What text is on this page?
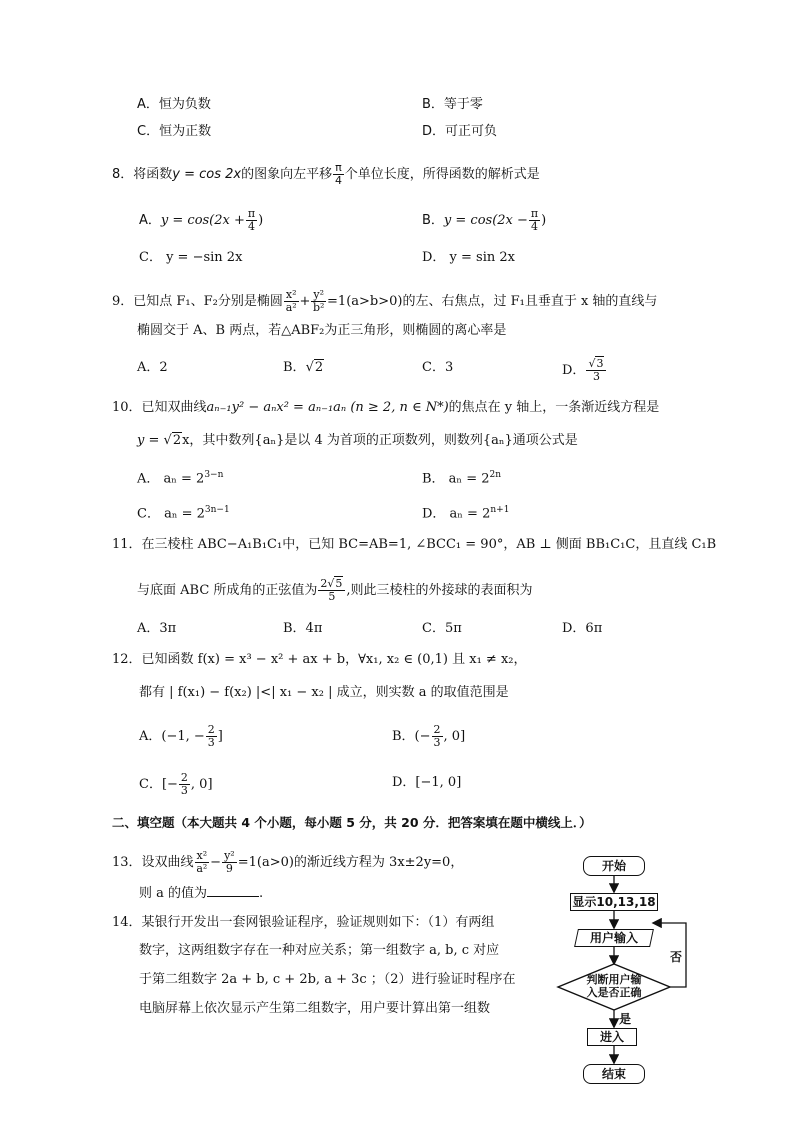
A．恒为负数	B．等于零
C．恒为正数	D．可正可负
8．将函数y = cos 2x的图象向左平移 $\frac{\pi}{4}$ 个单位长度，所得函数的解析式是
A．$y = \cos(2x + \frac{\pi}{4}$ )	B．$y = \cos(2x - \frac{\pi}{4}$ )
C． y = −sin 2x	D． y = sin 2x
9．已知点 F₁、F₂分别是椭圆 $\frac{\text{x²}}{\text{a²}} + \frac{\text{y²}}{\text{b²}} =1(a>b>0)$的左、右焦点，过 F₁且垂直于 x 轴的直线与
椭圆交于 A、B 两点，若△ABF₂为正三角形，则椭圆的离心率是
A．2	B．√2	C．3	D． $\frac{√3}{3}$
10．已知双曲线aₙ₋₁y² − aₙx² = aₙ₋₁aₙ (n ≥ 2, n ∈ N*)的焦点在 y 轴上，一条渐近线方程是
y = √2x，其中数列{aₙ}是以 4 为首项的正项数列，则数列{aₙ}通项公式是
A． $a_n = 2^{3-n}$	B． $a_n = 2^{2n}$
C． $a_n = 2^{3n-1}$	D． $a_n = 2^{n+1}$
11．在三棱柱 ABC−A₁B₁C₁中，已知 BC=AB=1, ∠BCC₁ = 90°，AB ⊥ 侧面 BB₁C₁C，且直线 C₁B
与底面 ABC 所成角的正弦值为 $\frac{2√5}{5}$ ,则此三棱柱的外接球的表面积为
A．3π	B．4π	C．5π	D．6π
12．已知函数 f(x) = x³ − x² + ax + b，∀x₁, x₂ ∈ (0,1) 且 x₁ ≠ x₂，
都有 | f(x₁) − f(x₂) |<| x₁ − x₂ | 成立，则实数 a 的取值范围是
A．(−1, − $\frac{2}{3}$ ]	B．(− $\frac{2}{3}$ , 0]
C．[− $\frac{2}{3}$ , 0]	D．[−1, 0]
二、填空题（本大题共 4 个小题，每小题 5 分，共 20 分．把答案填在题中横线上．）
13．设双曲线 $\frac{\text{x²}}{\text{a²}} - \frac{\text{y²}}{9} =1(a>0)$的渐近线方程为 3x±2y=0，
则 a 的值为	.
14．某银行开发出一套网银验证程序，验证规则如下：（1）有两组
数字，这两组数字存在一种对应关系；第一组数字 a, b, c 对应
于第二组数字 2a + b, c + 2b, a + 3c ；（2）进行验证时程序在
电脑屏幕上依次显示产生第二组数字，用户要计算出第一组数
开始
显示10,13,18
用户输入
判断用户输
入是否正确
否
是
进入
结束
